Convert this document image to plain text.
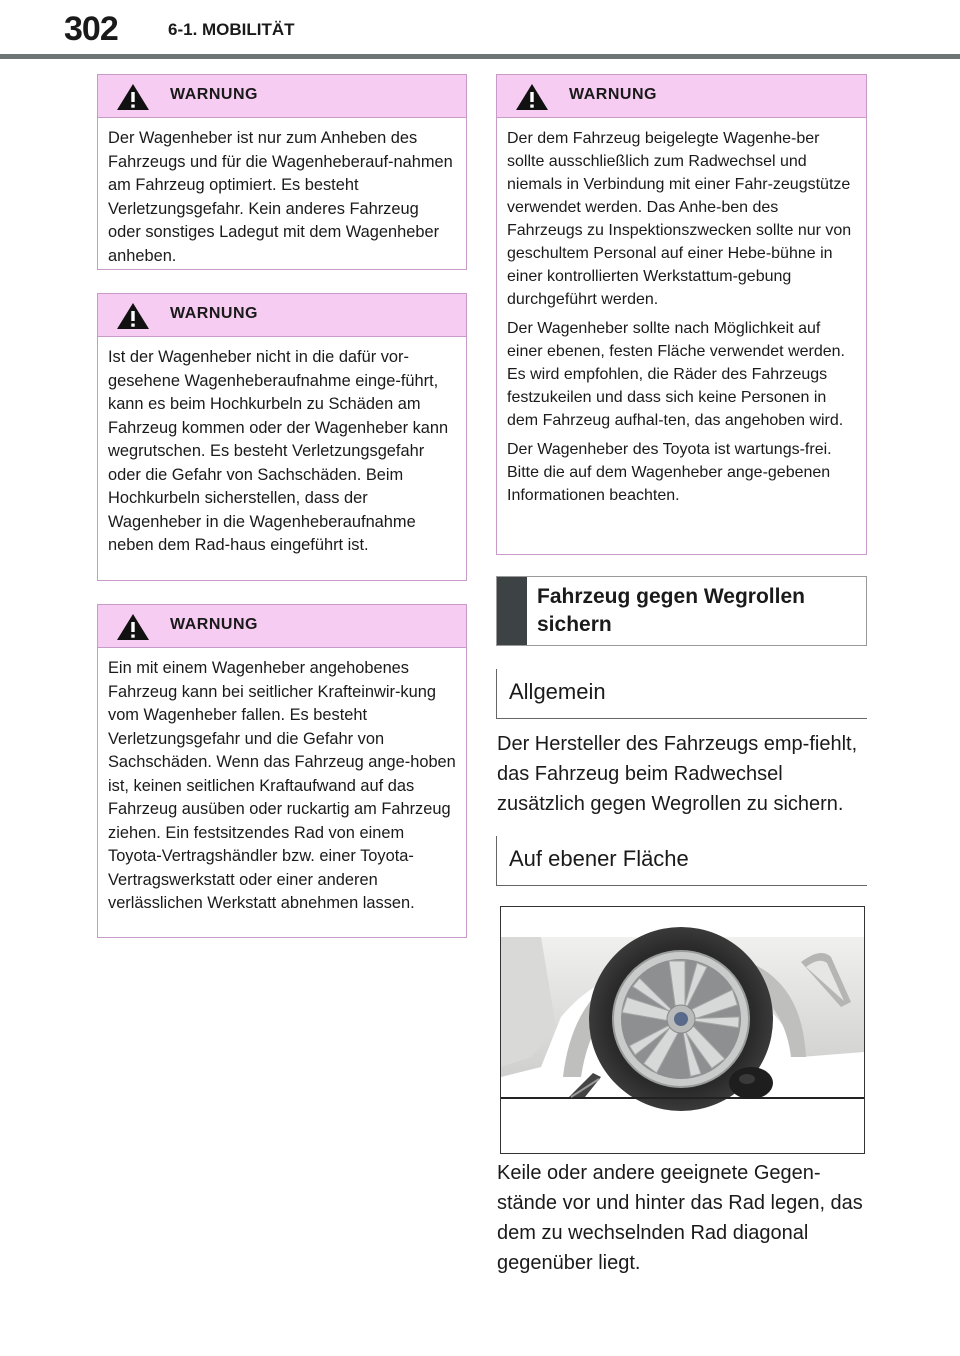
302	6-1. MOBILITÄT
WARNUNG

Der Wagenheber ist nur zum Anheben des Fahrzeugs und für die Wagenheberauf-nahmen am Fahrzeug optimiert. Es besteht Verletzungsgefahr. Kein anderes Fahrzeug oder sonstiges Ladegut mit dem Wagenheber anheben.

WARNUNG

Ist der Wagenheber nicht in die dafür vor-gesehene Wagenheberaufnahme einge-führt, kann es beim Hochkurbeln zu Schäden am Fahrzeug kommen oder der Wagenheber kann wegrutschen. Es besteht Verletzungsgefahr oder die Gefahr von Sachschäden. Beim Hochkurbeln sicherstellen, dass der Wagenheber in die Wagenheberaufnahme neben dem Rad-haus eingeführt ist.

WARNUNG

Ein mit einem Wagenheber angehobenes Fahrzeug kann bei seitlicher Krafteinwir-kung vom Wagenheber fallen. Es besteht Verletzungsgefahr und die Gefahr von Sachschäden. Wenn das Fahrzeug ange-hoben ist, keinen seitlichen Kraftaufwand auf das Fahrzeug ausüben oder ruckartig am Fahrzeug ziehen. Ein festsitzendes Rad von einem Toyota-Vertragshändler bzw. einer Toyota-Vertragswerkstatt oder einer anderen verlässlichen Werkstatt abnehmen lassen.

WARNUNG

Der dem Fahrzeug beigelegte Wagenhe-ber sollte ausschließlich zum Radwechsel und niemals in Verbindung mit einer Fahr-zeugstütze verwendet werden. Das Anhe-ben des Fahrzeugs zu Inspektionszwecken sollte nur von geschultem Personal auf einer Hebe-bühne in einer kontrollierten Werkstattum-gebung durchgeführt werden.

Der Wagenheber sollte nach Möglichkeit auf einer ebenen, festen Fläche verwendet werden. Es wird empfohlen, die Räder des Fahrzeugs festzukeilen und dass sich keine Personen in dem Fahrzeug aufhal-ten, das angehoben wird.

Der Wagenheber des Toyota ist wartungs-frei. Bitte die auf dem Wagenheber ange-gebenen Informationen beachten.

Fahrzeug gegen Wegrollen sichern
Allgemein
Der Hersteller des Fahrzeugs emp-fiehlt, das Fahrzeug beim Radwechsel zusätzlich gegen Wegrollen zu sichern.
Auf ebener Fläche
Keile oder andere geeignete Gegen-stände vor und hinter das Rad legen, das dem zu wechselnden Rad diagonal gegenüber liegt.
